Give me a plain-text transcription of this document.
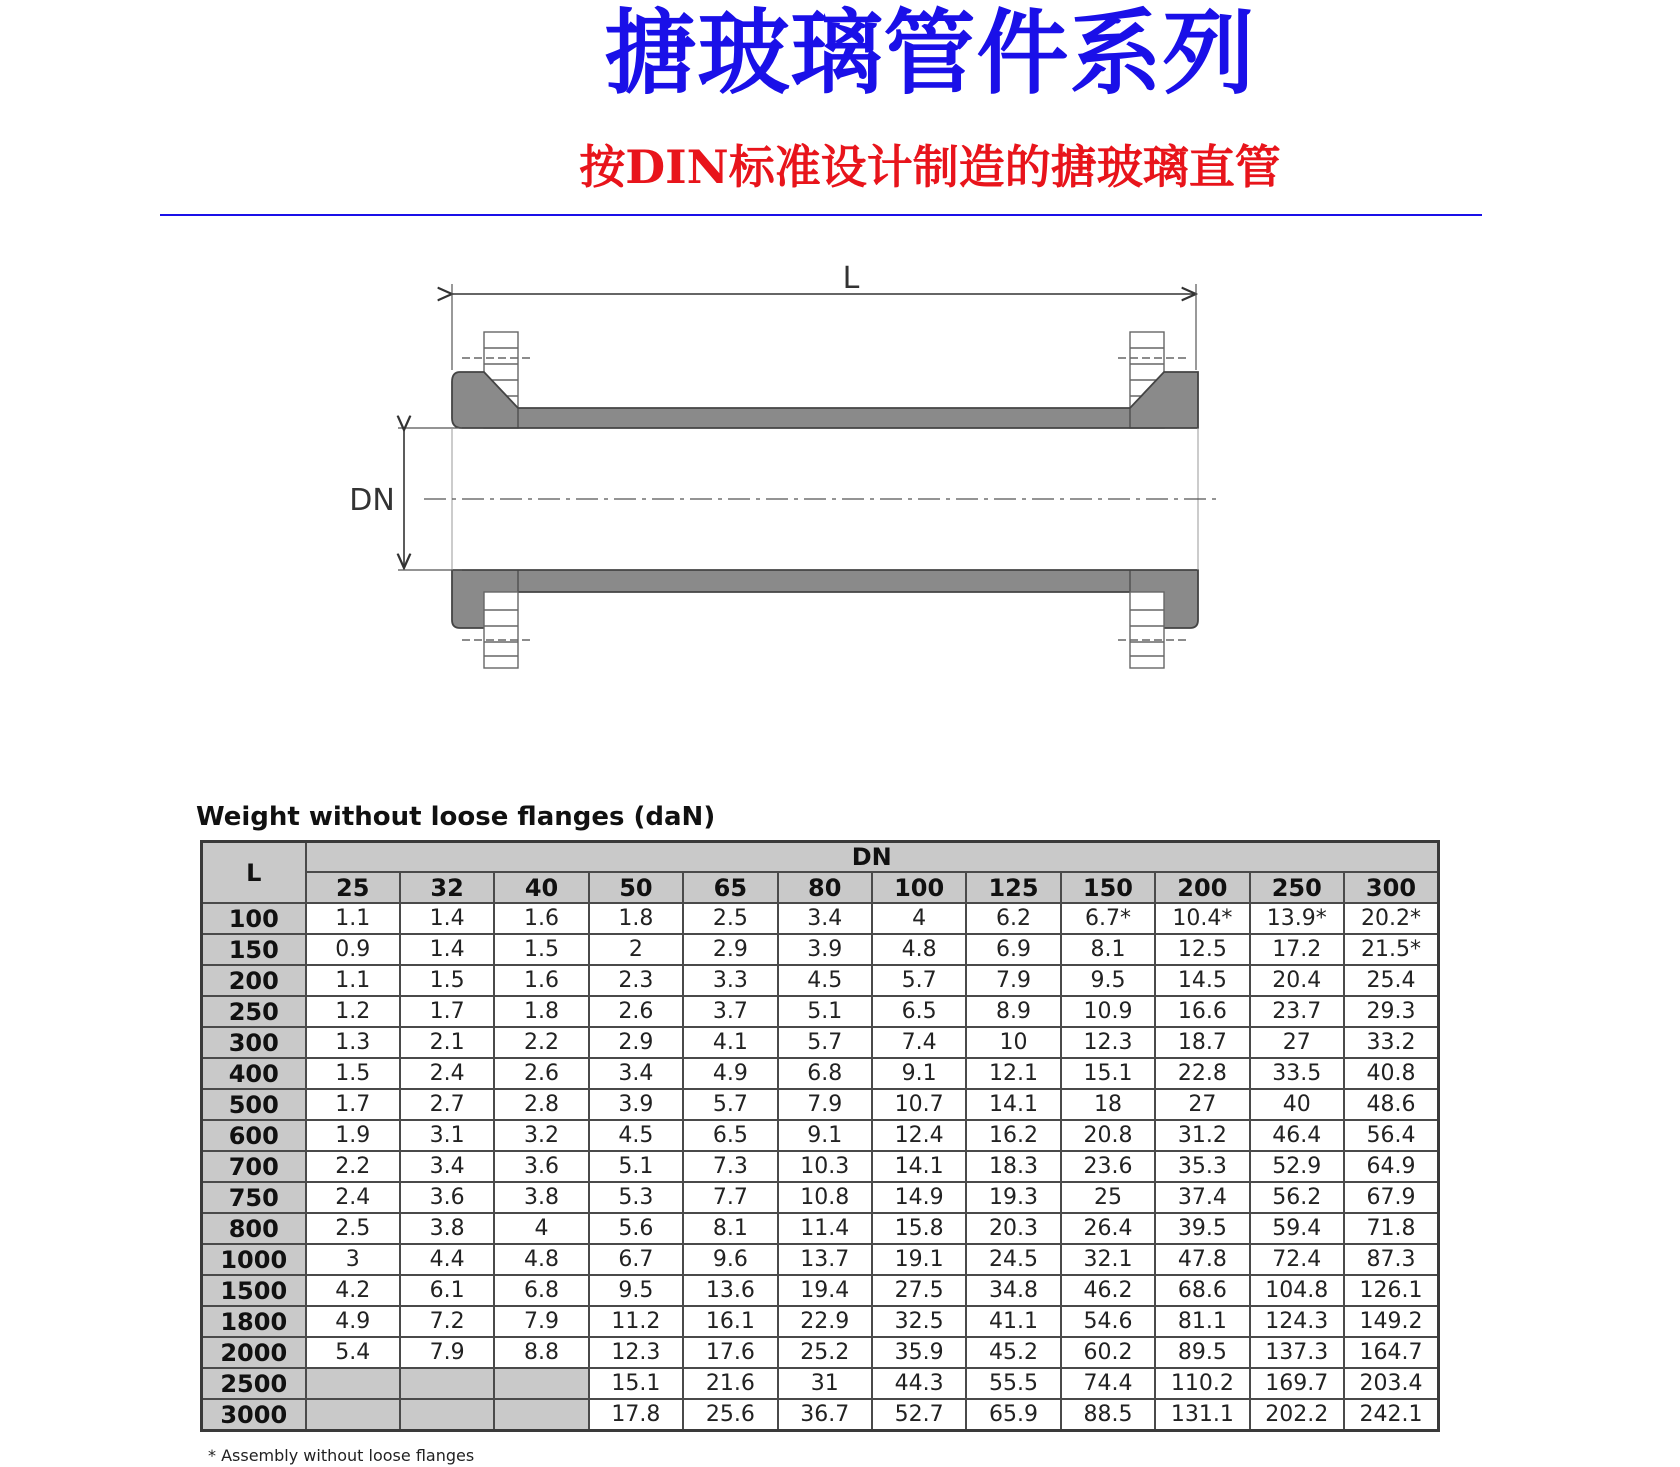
搪玻璃管件系列
按DIN标准设计制造的搪玻璃直管
L
DN

Weight without loose flanges (daN)

L	DN											
	25	32	40	50	65	80	100	125	150	200	250	300
100	1.1	1.4	1.6	1.8	2.5	3.4	4	6.2	6.7*	10.4*	13.9*	20.2*
150	0.9	1.4	1.5	2	2.9	3.9	4.8	6.9	8.1	12.5	17.2	21.5*
200	1.1	1.5	1.6	2.3	3.3	4.5	5.7	7.9	9.5	14.5	20.4	25.4
250	1.2	1.7	1.8	2.6	3.7	5.1	6.5	8.9	10.9	16.6	23.7	29.3
300	1.3	2.1	2.2	2.9	4.1	5.7	7.4	10	12.3	18.7	27	33.2
400	1.5	2.4	2.6	3.4	4.9	6.8	9.1	12.1	15.1	22.8	33.5	40.8
500	1.7	2.7	2.8	3.9	5.7	7.9	10.7	14.1	18	27	40	48.6
600	1.9	3.1	3.2	4.5	6.5	9.1	12.4	16.2	20.8	31.2	46.4	56.4
700	2.2	3.4	3.6	5.1	7.3	10.3	14.1	18.3	23.6	35.3	52.9	64.9
750	2.4	3.6	3.8	5.3	7.7	10.8	14.9	19.3	25	37.4	56.2	67.9
800	2.5	3.8	4	5.6	8.1	11.4	15.8	20.3	26.4	39.5	59.4	71.8
1000	3	4.4	4.8	6.7	9.6	13.7	19.1	24.5	32.1	47.8	72.4	87.3
1500	4.2	6.1	6.8	9.5	13.6	19.4	27.5	34.8	46.2	68.6	104.8	126.1
1800	4.9	7.2	7.9	11.2	16.1	22.9	32.5	41.1	54.6	81.1	124.3	149.2
2000	5.4	7.9	8.8	12.3	17.6	25.2	35.9	45.2	60.2	89.5	137.3	164.7
2500				15.1	21.6	31	44.3	55.5	74.4	110.2	169.7	203.4
3000				17.8	25.6	36.7	52.7	65.9	88.5	131.1	202.2	242.1

* Assembly without loose flanges
